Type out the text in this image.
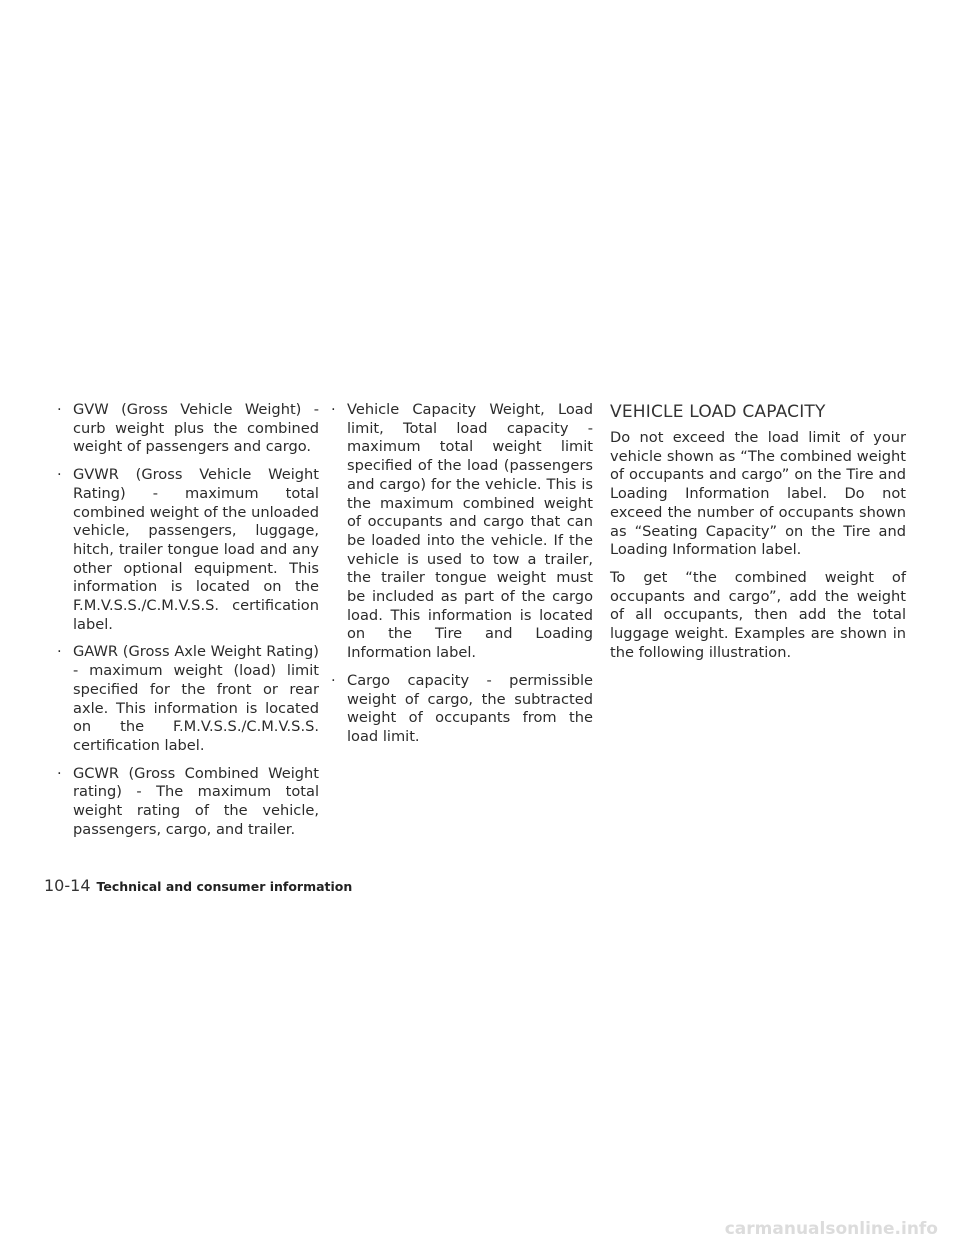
· GVW (Gross Vehicle Weight) - curb weight plus the combined weight of passengers and cargo.
· GVWR (Gross Vehicle Weight Rating) - maximum total combined weight of the unloaded vehicle, passengers, luggage, hitch, trailer tongue load and any other optional equipment. This information is located on the F.M.V.S.S./C.M.V.S.S. certification label.
· GAWR (Gross Axle Weight Rating) - maximum weight (load) limit specified for the front or rear axle. This information is located on the F.M.V.S.S./C.M.V.S.S. certification label.
· GCWR (Gross Combined Weight rating) - The maximum total weight rating of the vehicle, passengers, cargo, and trailer.
· Vehicle Capacity Weight, Load limit, Total load capacity - maximum total weight limit specified of the load (passengers and cargo) for the vehicle. This is the maximum combined weight of occupants and cargo that can be loaded into the vehicle. If the vehicle is used to tow a trailer, the trailer tongue weight must be included as part of the cargo load. This information is located on the Tire and Loading Information label.
· Cargo capacity - permissible weight of cargo, the subtracted weight of occupants from the load limit.
VEHICLE LOAD CAPACITY

Do not exceed the load limit of your vehicle shown as “The combined weight of occupants and cargo” on the Tire and Loading Information label. Do not exceed the number of occupants shown as “Seating Capacity” on the Tire and Loading Information label.

To get “the combined weight of occupants and cargo”, add the weight of all occupants, then add the total luggage weight. Examples are shown in the following illustration.

10-14 Technical and consumer information
carmanualsonline.info
